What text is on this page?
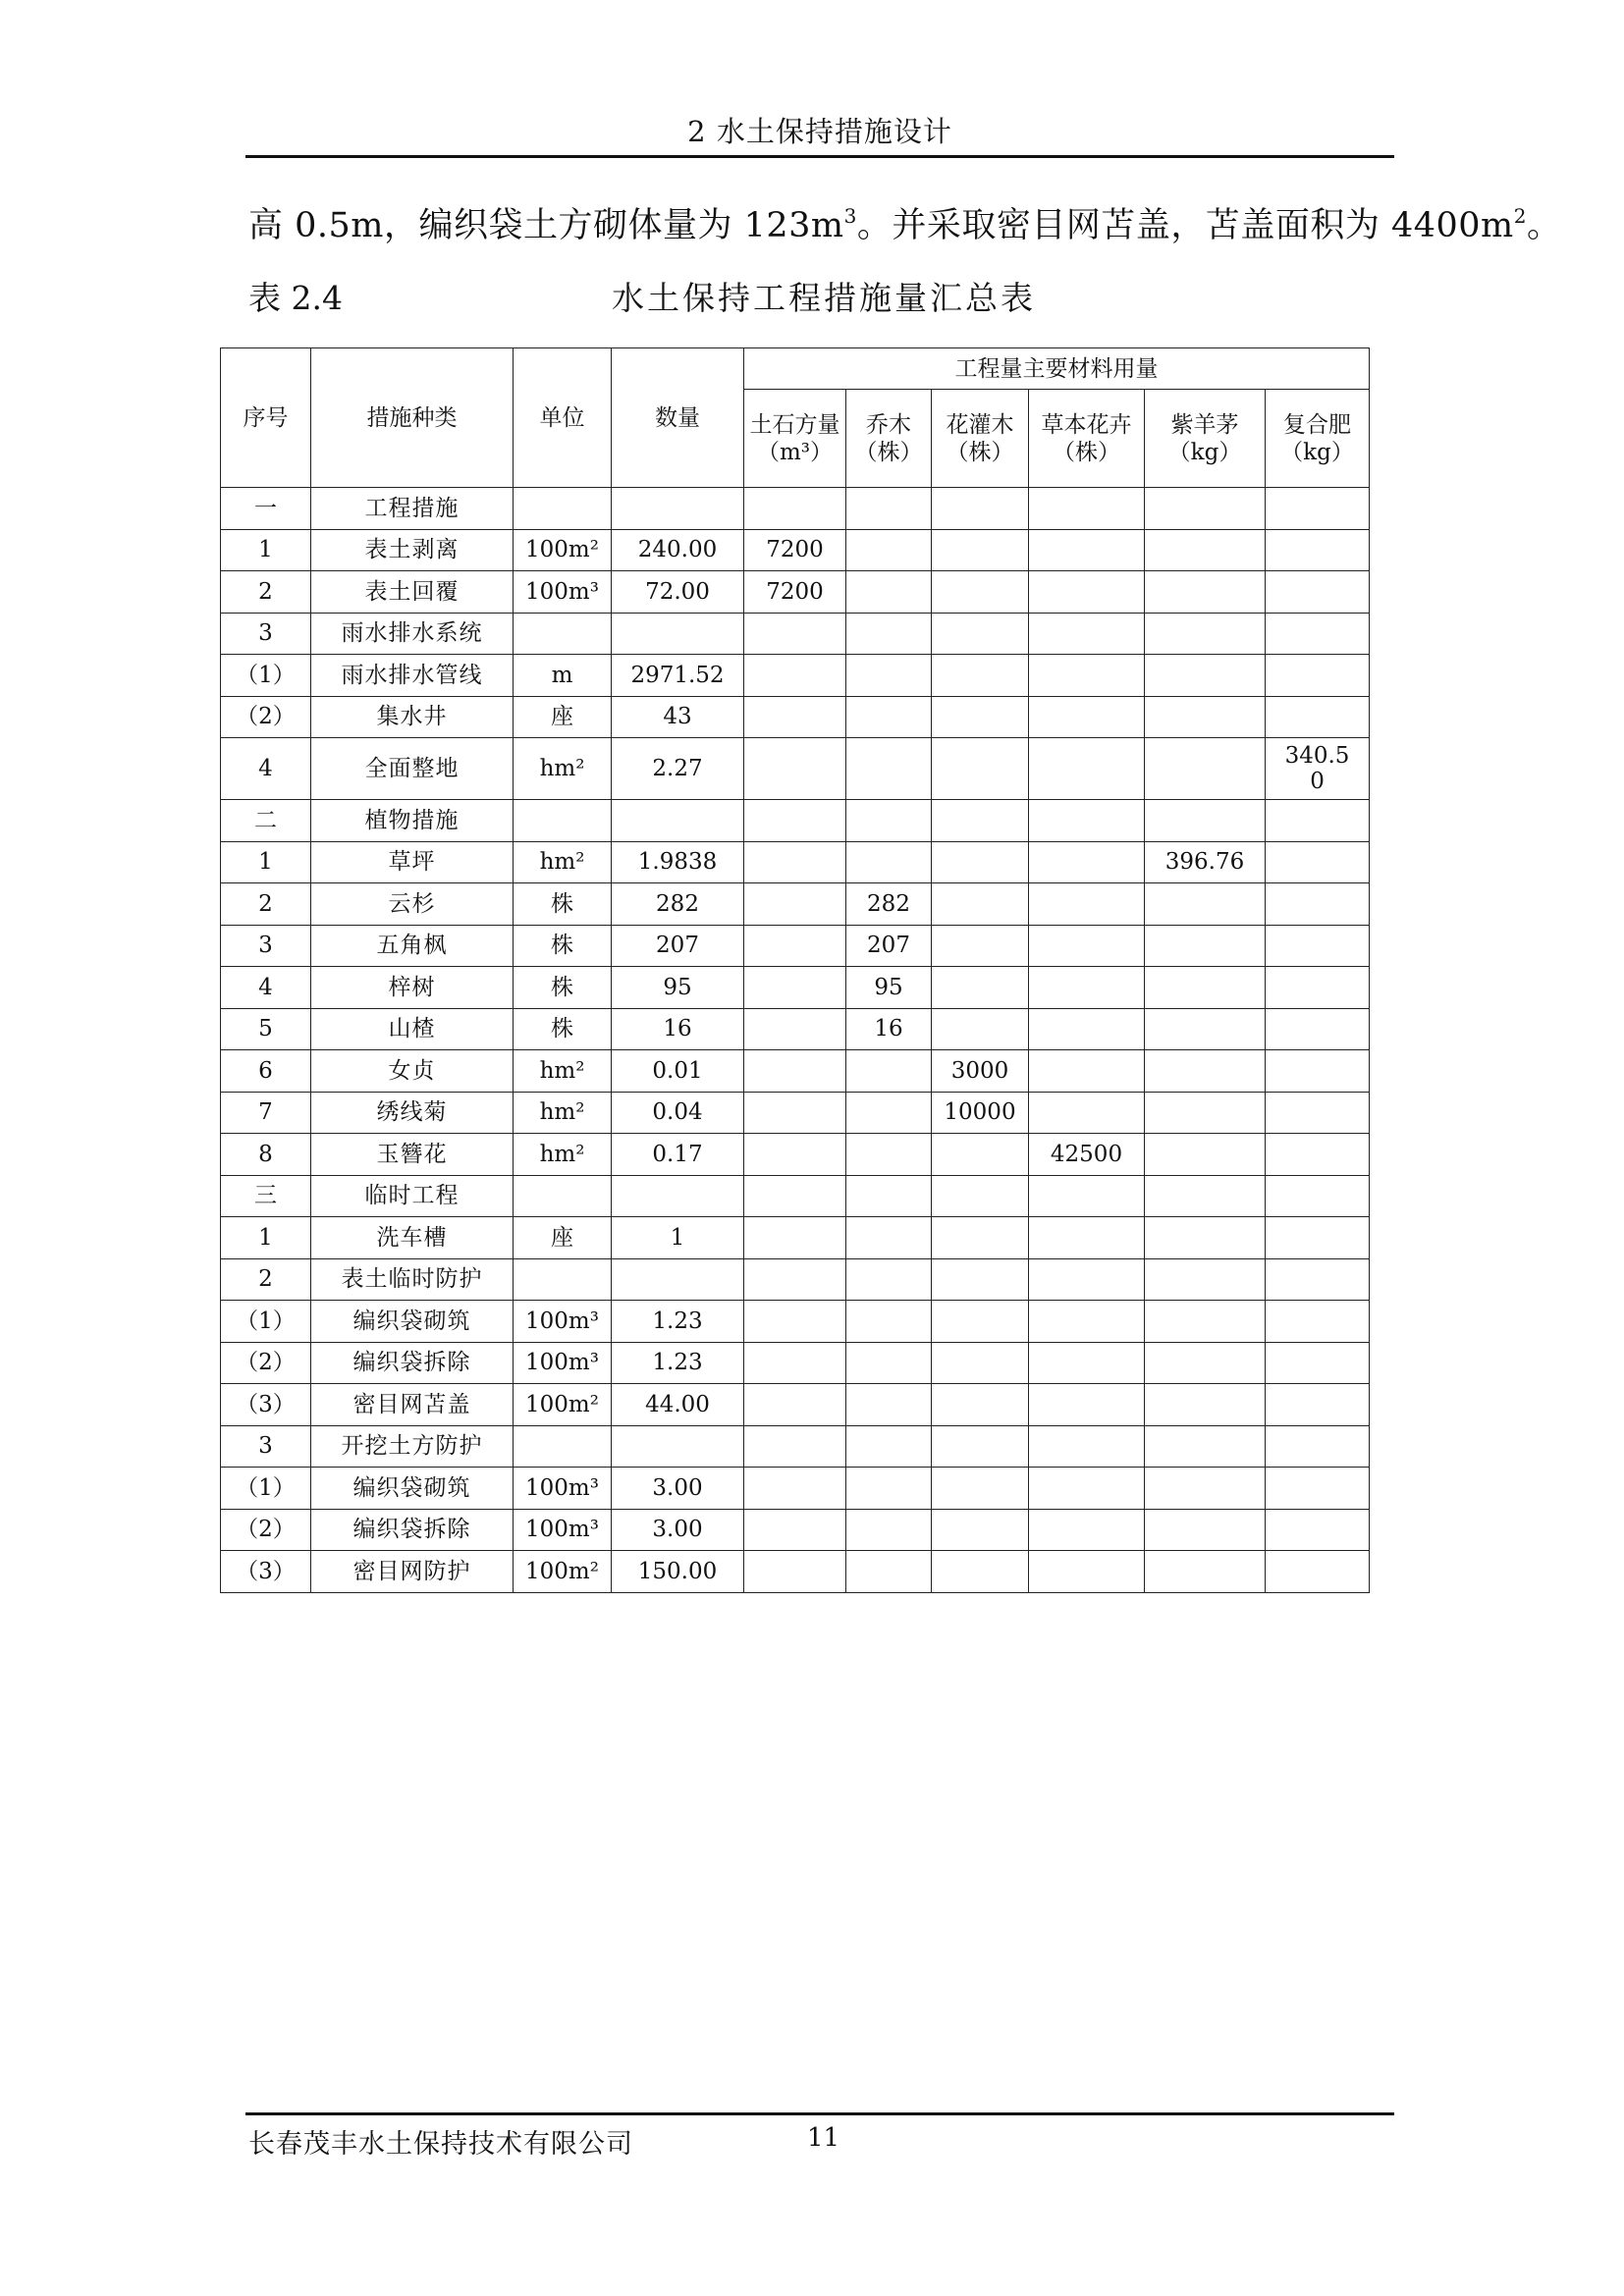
2 水土保持措施设计
高 0.5m，编织袋土方砌体量为 $123m^3$。并采取密目网苫盖，苫盖面积为 $4400m^2$。
表 2.4	水土保持工程措施量汇总表
序号	措施种类	单位	数量	工程量主要材料用量					
				土石方量（m³）	乔木（株）	花灌木（株）	草本花卉（株）	紫羊茅（kg）	复合肥（kg）
一	工程措施								
1	表土剥离	100m²	240.00	7200					
2	表土回覆	100m³	72.00	7200					
3	雨水排水系统								
（1）	雨水排水管线	m	2971.52						
（2）	集水井	座	43						
4	全面整地	hm²	2.27						340.50
二	植物措施								
1	草坪	hm²	1.9838					396.76	
2	云杉	株	282		282				
3	五角枫	株	207		207				
4	梓树	株	95		95				
5	山楂	株	16		16				
6	女贞	hm²	0.01			3000			
7	绣线菊	hm²	0.04			10000			
8	玉簪花	hm²	0.17				42500		
三	临时工程								
1	洗车槽	座	1						
2	表土临时防护								
（1）	编织袋砌筑	100m³	1.23						
（2）	编织袋拆除	100m³	1.23						
（3）	密目网苫盖	100m²	44.00						
3	开挖土方防护								
（1）	编织袋砌筑	100m³	3.00						
（2）	编织袋拆除	100m³	3.00						
（3）	密目网防护	100m²	150.00						
长春茂丰水土保持技术有限公司	11
